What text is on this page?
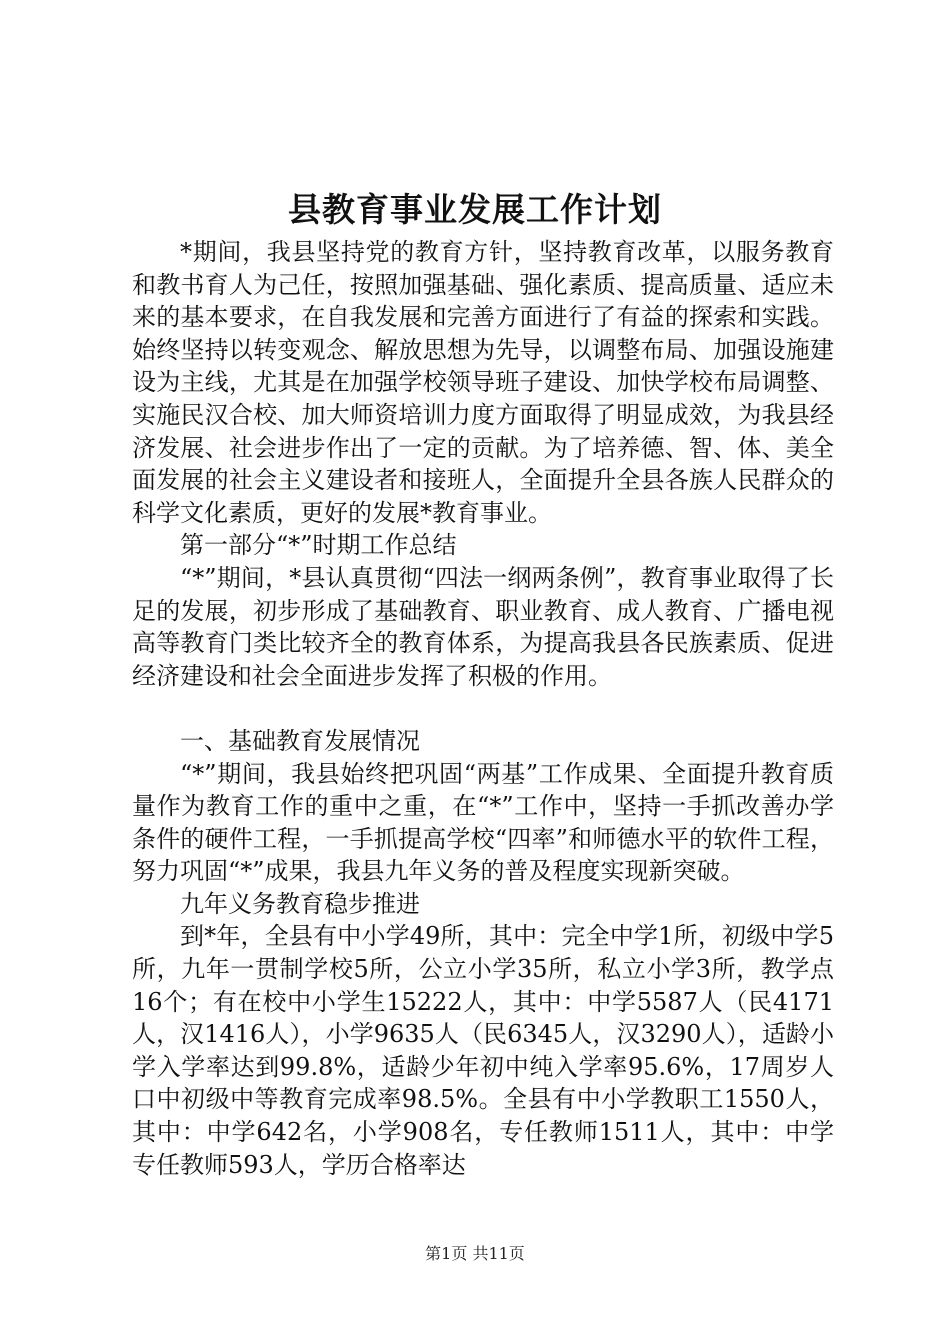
县教育事业发展工作计划

*期间，我县坚持党的教育方针，坚持教育改革，以服务教育和教书育人为己任，按照加强基础、强化素质、提高质量、适应未来的基本要求，在自我发展和完善方面进行了有益的探索和实践。始终坚持以转变观念、解放思想为先导，以调整布局、加强设施建设为主线，尤其是在加强学校领导班子建设、加快学校布局调整、实施民汉合校、加大师资培训力度方面取得了明显成效，为我县经济发展、社会进步作出了一定的贡献。为了培养德、智、体、美全面发展的社会主义建设者和接班人，全面提升全县各族人民群众的科学文化素质，更好的发展*教育事业。

第一部分“*”时期工作总结

“*”期间，*县认真贯彻“四法一纲两条例”，教育事业取得了长足的发展，初步形成了基础教育、职业教育、成人教育、广播电视高等教育门类比较齐全的教育体系，为提高我县各民族素质、促进经济建设和社会全面进步发挥了积极的作用。

一、基础教育发展情况

“*”期间，我县始终把巩固“两基”工作成果、全面提升教育质量作为教育工作的重中之重，在“*”工作中，坚持一手抓改善办学条件的硬件工程，一手抓提高学校“四率”和师德水平的软件工程，努力巩固“*”成果，我县九年义务的普及程度实现新突破。

九年义务教育稳步推进

到*年，全县有中小学49所，其中：完全中学1所，初级中学5所，九年一贯制学校5所，公立小学35所，私立小学3所，教学点16个；有在校中小学生15222人，其中：中学5587人（民4171人，汉1416人），小学9635人（民6345人，汉3290人），适龄小学入学率达到99.8%，适龄少年初中纯入学率95.6%，17周岁人口中初级中等教育完成率98.5%。全县有中小学教职工1550人，其中：中学642名，小学908名，专任教师1511人，其中：中学专任教师593人，学历合格率达

第1页 共11页
